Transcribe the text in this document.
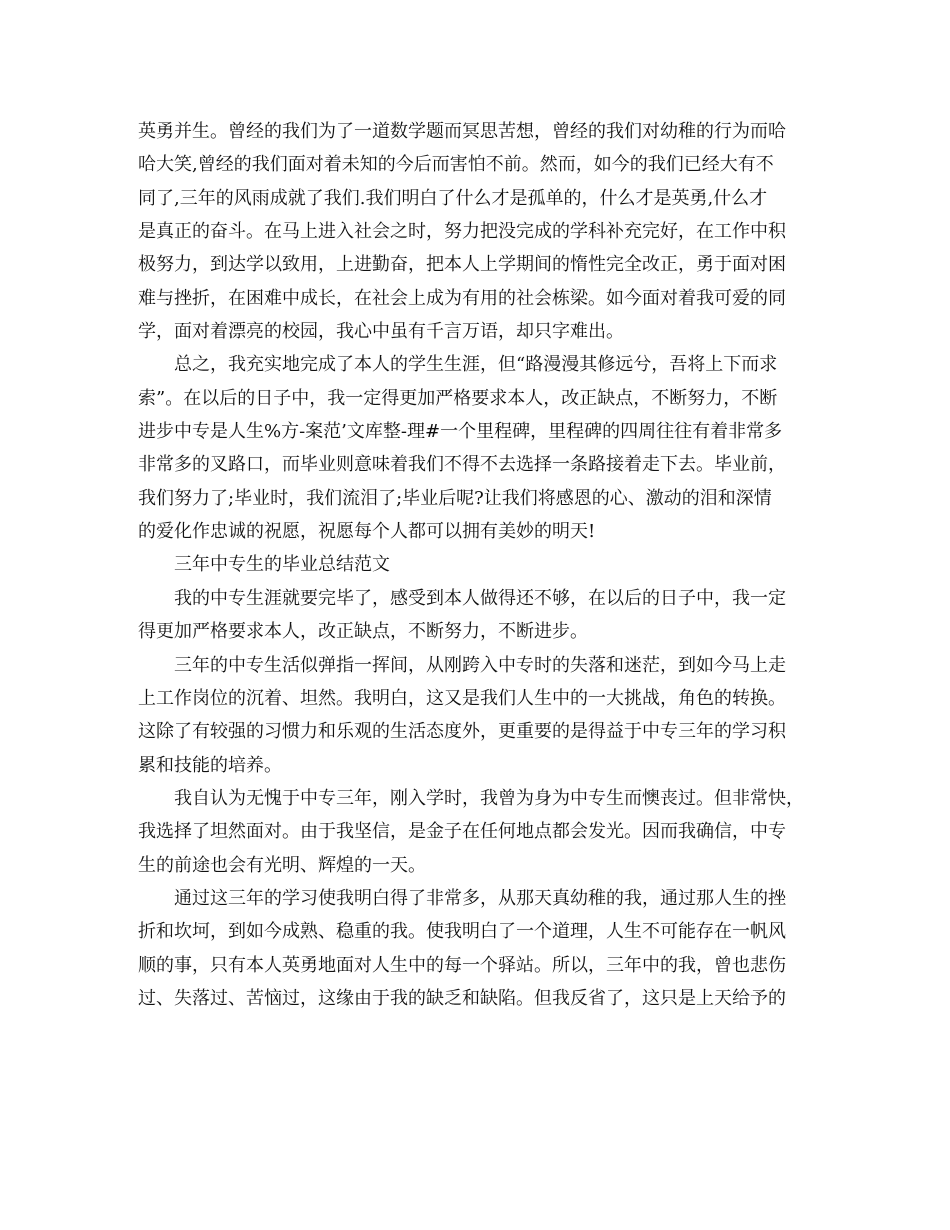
英勇并生。曾经的我们为了一道数学题而冥思苦想，曾经的我们对幼稚的行为而哈
哈大笑,曾经的我们面对着未知的今后而害怕不前。然而，如今的我们已经大有不
同了,三年的风雨成就了我们.我们明白了什么才是孤单的，什么才是英勇,什么才
是真正的奋斗。在马上进入社会之时，努力把没完成的学科补充完好，在工作中积
极努力，到达学以致用，上进勤奋，把本人上学期间的惰性完全改正，勇于面对困
难与挫折，在困难中成长，在社会上成为有用的社会栋梁。如今面对着我可爱的同
学，面对着漂亮的校园，我心中虽有千言万语，却只字难出。
总之，我充实地完成了本人的学生生涯，但“路漫漫其修远兮，吾将上下而求
索”。在以后的日子中，我一定得更加严格要求本人，改正缺点，不断努力，不断
进步中专是人生%方-案范’文库整-理#一个里程碑，里程碑的四周往往有着非常多
非常多的叉路口，而毕业则意味着我们不得不去选择一条路接着走下去。毕业前，
我们努力了;毕业时，我们流泪了;毕业后呢?让我们将感恩的心、激动的泪和深情
的爱化作忠诚的祝愿，祝愿每个人都可以拥有美妙的明天!
三年中专生的毕业总结范文
我的中专生涯就要完毕了，感受到本人做得还不够，在以后的日子中，我一定
得更加严格要求本人，改正缺点，不断努力，不断进步。
三年的中专生活似弹指一挥间，从刚跨入中专时的失落和迷茫，到如今马上走
上工作岗位的沉着、坦然。我明白，这又是我们人生中的一大挑战，角色的转换。
这除了有较强的习惯力和乐观的生活态度外，更重要的是得益于中专三年的学习积
累和技能的培养。
我自认为无愧于中专三年，刚入学时，我曾为身为中专生而懊丧过。但非常快，
我选择了坦然面对。由于我坚信，是金子在任何地点都会发光。因而我确信，中专
生的前途也会有光明、辉煌的一天。
通过这三年的学习使我明白得了非常多，从那天真幼稚的我，通过那人生的挫
折和坎坷，到如今成熟、稳重的我。使我明白了一个道理，人生不可能存在一帆风
顺的事，只有本人英勇地面对人生中的每一个驿站。所以，三年中的我，曾也悲伤
过、失落过、苦恼过，这缘由于我的缺乏和缺陷。但我反省了，这只是上天给予的
